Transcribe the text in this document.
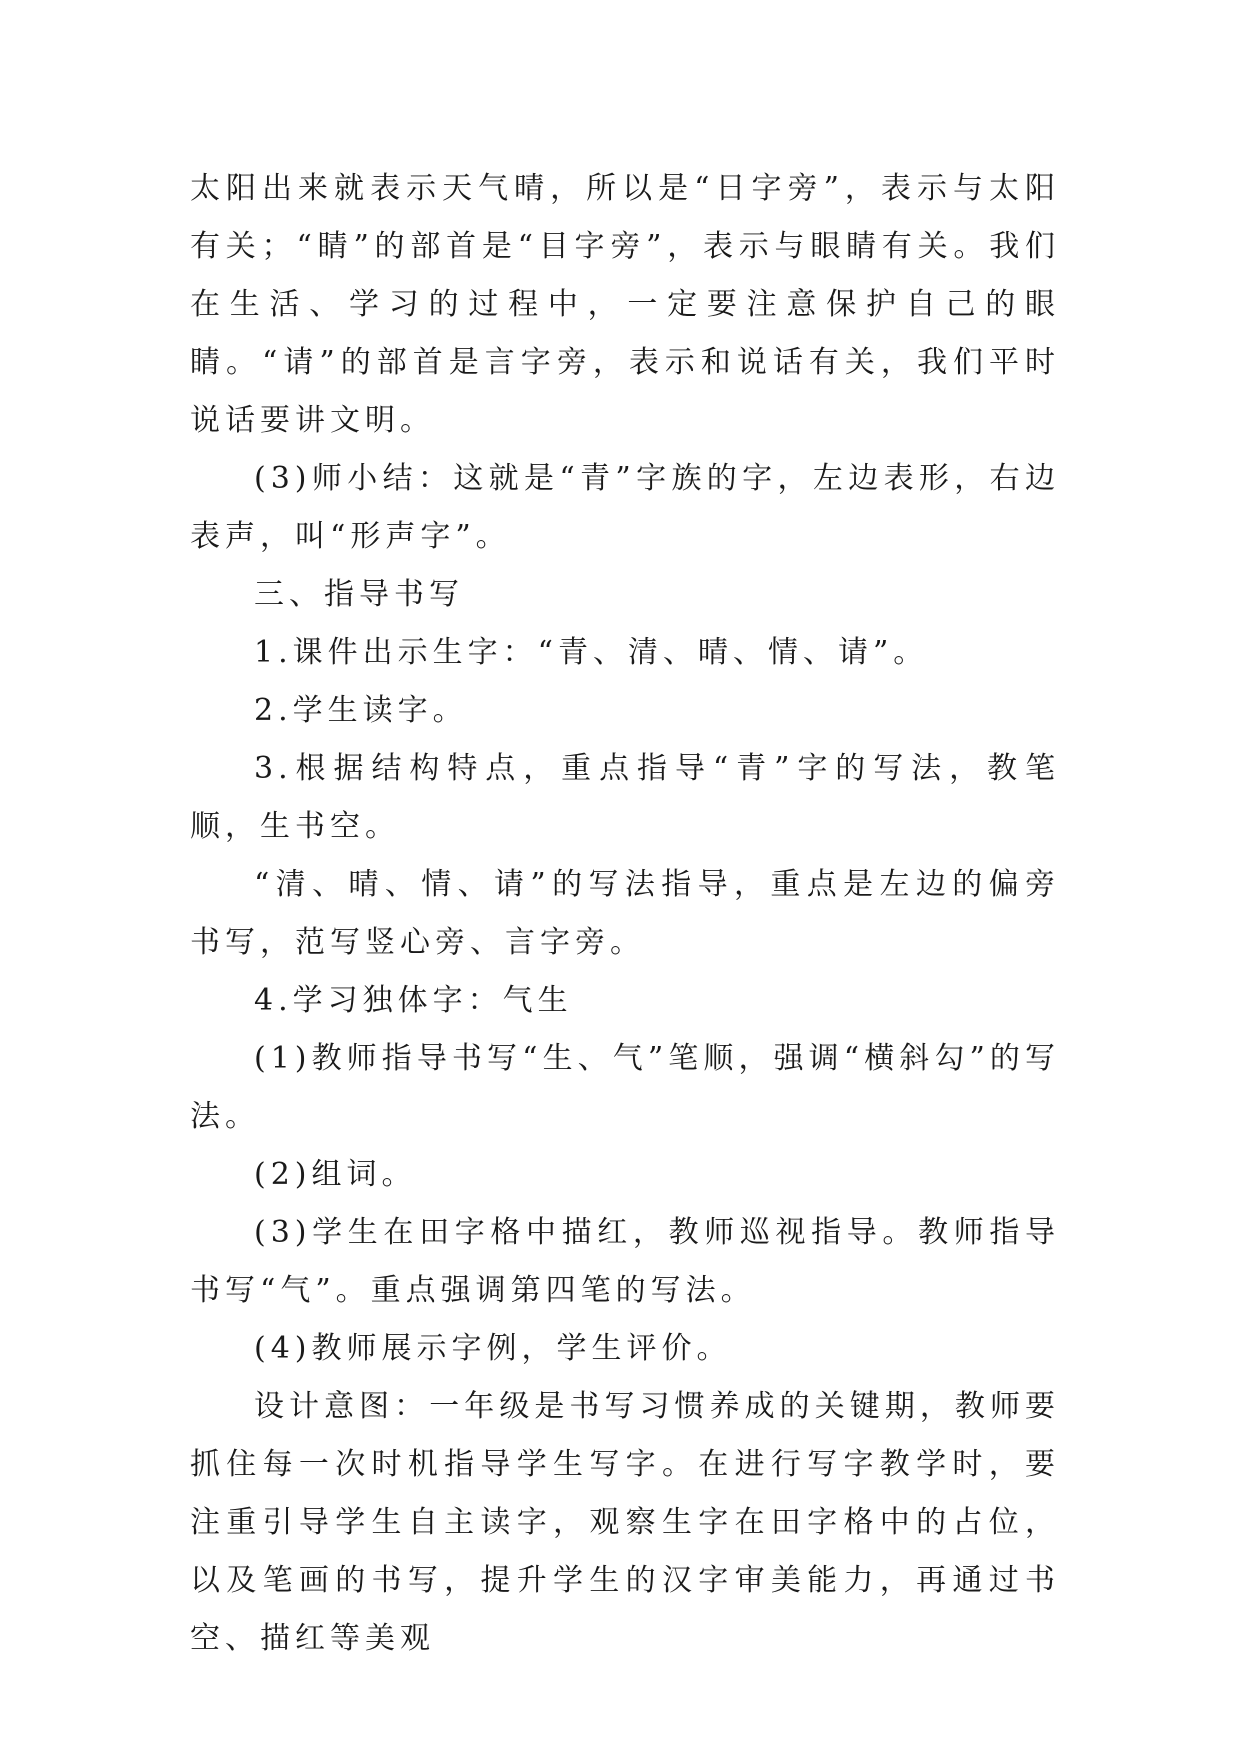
太阳出来就表示天气晴，所以是“日字旁”，表示与太阳有关；“睛”的部首是“目字旁”，表示与眼睛有关。我们在生活、学习的过程中，一定要注意保护自己的眼睛。“请”的部首是言字旁，表示和说话有关，我们平时说话要讲文明。

(3)师小结：这就是“青”字族的字，左边表形，右边表声，叫“形声字”。

三、指导书写

1.课件出示生字：“青、清、晴、情、请”。

2.学生读字。

3.根据结构特点，重点指导“青”字的写法，教笔顺，生书空。

“清、晴、情、请”的写法指导，重点是左边的偏旁书写，范写竖心旁、言字旁。

4.学习独体字：气生

(1)教师指导书写“生、气”笔顺，强调“横斜勾”的写法。

(2)组词。

(3)学生在田字格中描红，教师巡视指导。教师指导书写“气”。重点强调第四笔的写法。

(4)教师展示字例，学生评价。

设计意图：一年级是书写习惯养成的关键期，教师要抓住每一次时机指导学生写字。在进行写字教学时，要注重引导学生自主读字，观察生字在田字格中的占位，以及笔画的书写，提升学生的汉字审美能力，再通过书空、描红等美观
